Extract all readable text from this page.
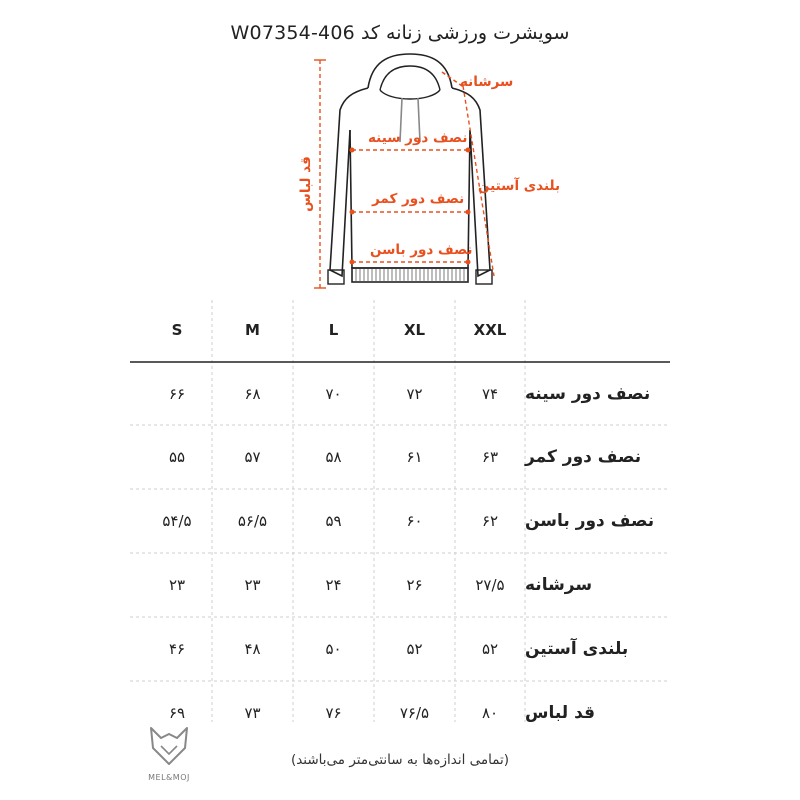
سویشرت ورزشی زنانه کد W07354-406
سرشانه
نصف دور سینه
بلندی آستین
نصف دور کمر
نصف دور باسن
قد لباس
S	M	L	XL	XXL
۶۶	۶۸	۷۰	۷۲	۷۴	نصف دور سینه
۵۵	۵۷	۵۸	۶۱	۶۳	نصف دور کمر
۵۴/۵	۵۶/۵	۵۹	۶۰	۶۲	نصف دور باسن
۲۳	۲۳	۲۴	۲۶	۲۷/۵	سرشانه
۴۶	۴۸	۵۰	۵۲	۵۲	بلندی آستین
۶۹	۷۳	۷۶	۷۶/۵	۸۰	قد لباس
MEL&MOJ
(تمامی اندازه‌ها به سانتی‌متر می‌باشند)
